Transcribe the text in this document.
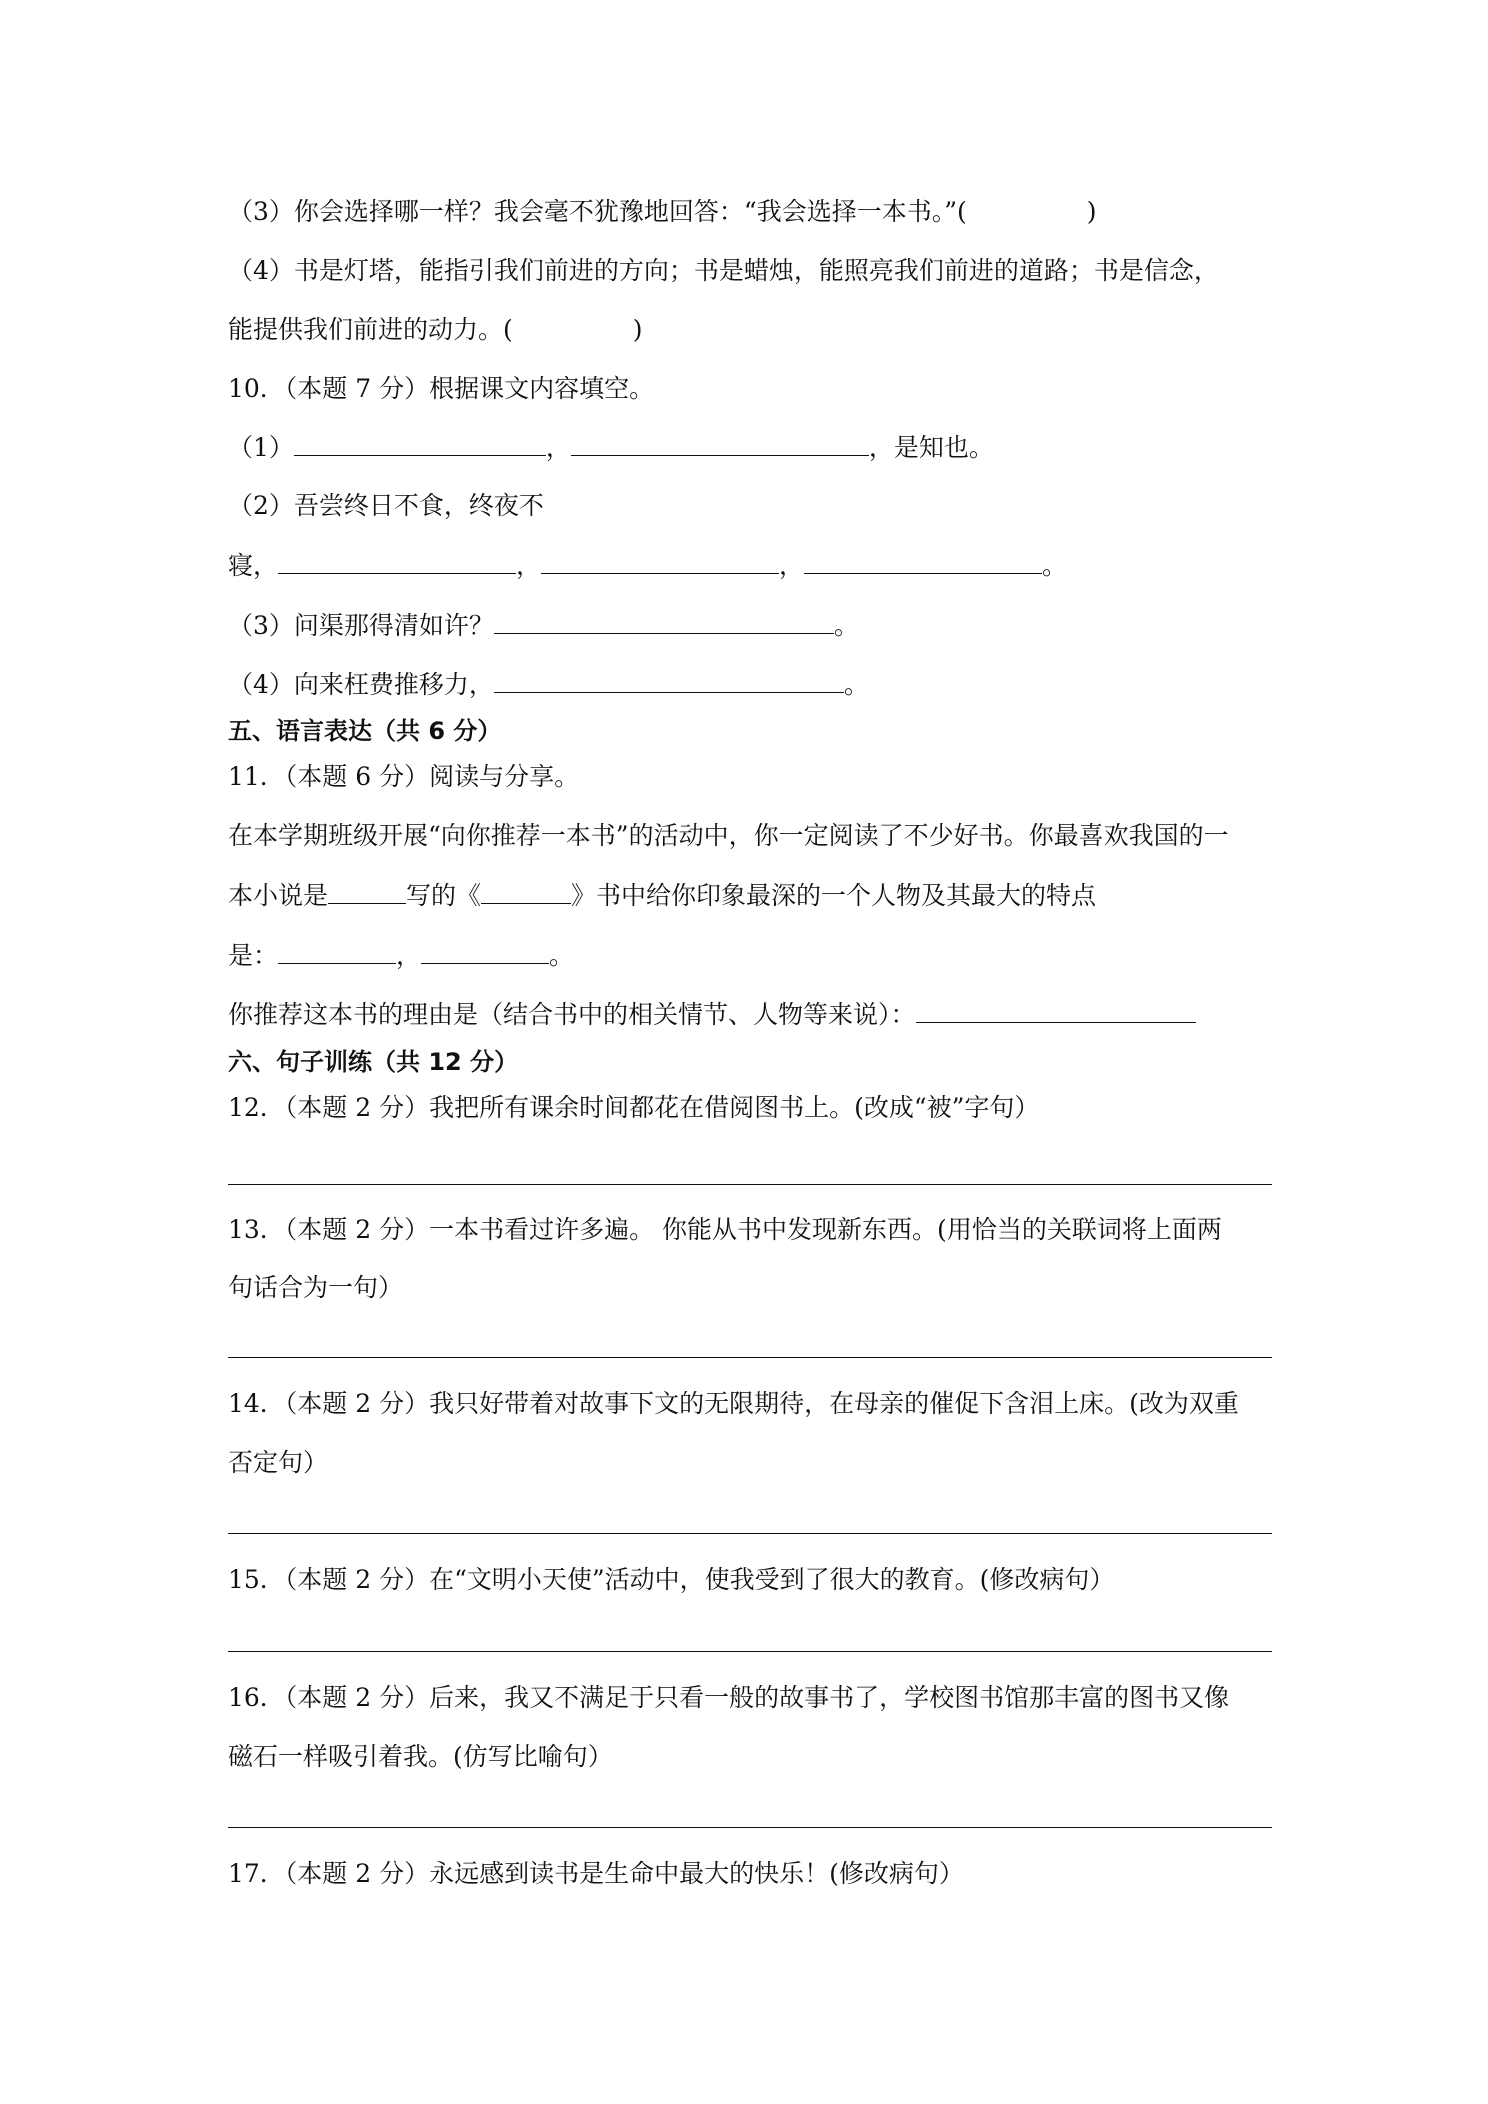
（3）你会选择哪一样？我会毫不犹豫地回答：“我会选择一本书。”(	)
（4）书是灯塔，能指引我们前进的方向；书是蜡烛，能照亮我们前进的道路；书是信念，
能提供我们前进的动力。(	)
10．（本题 7 分）根据课文内容填空。
（1）	，	，是知也。
（2）吾尝终日不食，终夜不
寝，	，	，	。
（3）问渠那得清如许？	。
（4）向来枉费推移力，	。
五、语言表达（共 6 分）
11．（本题 6 分）阅读与分享。
在本学期班级开展“向你推荐一本书”的活动中，你一定阅读了不少好书。你最喜欢我国的一
本小说是	写的《	》书中给你印象最深的一个人物及其最大的特点
是：	，	。
你推荐这本书的理由是（结合书中的相关情节、人物等来说）：
六、句子训练（共 12 分）
12．（本题 2 分）我把所有课余时间都花在借阅图书上。(改成“被”字句）
13．（本题 2 分）一本书看过许多遍。 你能从书中发现新东西。(用恰当的关联词将上面两
句话合为一句）
14．（本题 2 分）我只好带着对故事下文的无限期待，在母亲的催促下含泪上床。(改为双重
否定句）
15．（本题 2 分）在“文明小天使”活动中，使我受到了很大的教育。(修改病句）
16．（本题 2 分）后来，我又不满足于只看一般的故事书了，学校图书馆那丰富的图书又像
磁石一样吸引着我。(仿写比喻句）
17．（本题 2 分）永远感到读书是生命中最大的快乐！(修改病句）
